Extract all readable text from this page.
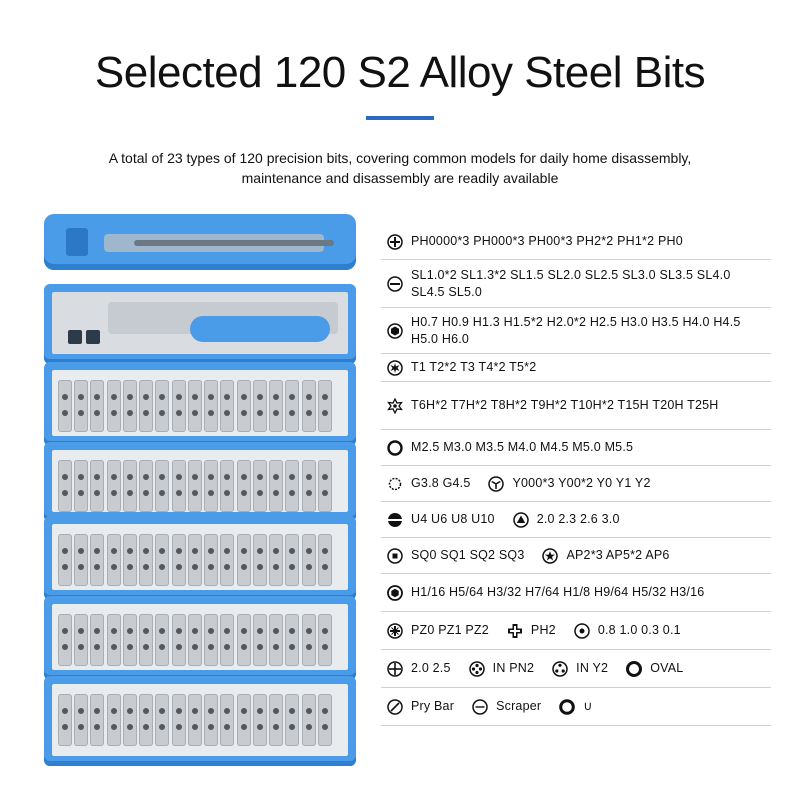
Selected 120 S2 Alloy Steel Bits
A total of 23 types of 120 precision bits, covering common models for daily home disassembly,
maintenance and disassembly are readily available
PH0000*3 PH000*3 PH00*3 PH2*2 PH1*2 PH0
SL1.0*2 SL1.3*2 SL1.5 SL2.0 SL2.5 SL3.0 SL3.5 SL4.0 SL4.5 SL5.0
H0.7 H0.9 H1.3 H1.5*2 H2.0*2 H2.5 H3.0 H3.5 H4.0 H4.5 H5.0 H6.0
T1 T2*2 T3 T4*2 T5*2
T6H*2 T7H*2 T8H*2 T9H*2 T10H*2 T15H T20H T25H
M2.5 M3.0 M3.5 M4.0 M4.5 M5.0 M5.5
G3.8 G4.5	Y000*3 Y00*2 Y0 Y1 Y2
U4 U6 U8 U10	2.0 2.3 2.6 3.0
SQ0 SQ1 SQ2 SQ3	AP2*3 AP5*2 AP6
H1/16 H5/64 H3/32 H7/64 H1/8 H9/64 H5/32 H3/16
PZ0 PZ1 PZ2	PH2	0.8 1.0 0.3 0.1
2.0 2.5	IN PN2	IN Y2	OVAL
Pry Bar	Scraper	∪
